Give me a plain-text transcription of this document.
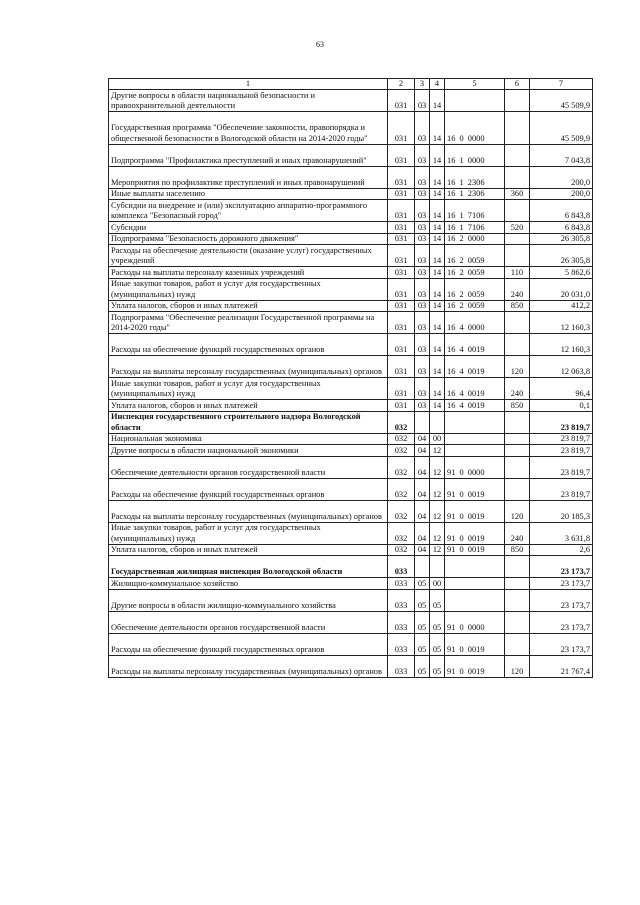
63
1	2	3	4	5	6	7
Другие вопросы в области национальной безопасности и правоохранительной деятельности	031	03	14			45 509,9
Государственная программа "Обеспечение законности, правопорядка и общественной безопасности в Вологодской области на 2014-2020 годы"	031	03	14	16 0 0000		45 509,9
Подпрограмма "Профилактика преступлений и иных правонарушений"	031	03	14	16 1 0000		7 043,8
Мероприятия по профилактике преступлений и иных правонарушений	031	03	14	16 1 2306		200,0
Иные выплаты населению	031	03	14	16 1 2306	360	200,0
Субсидии на внедрение и (или) эксплуатацию аппаратно-программного комплекса "Безопасный город"	031	03	14	16 1 7106		6 843,8
Субсидии	031	03	14	16 1 7106	520	6 843,8
Подпрограмма "Безопасность дорожного движения"	031	03	14	16 2 0000		26 305,8
Расходы на обеспечение деятельности (оказание услуг) государственных учреждений	031	03	14	16 2 0059		26 305,8
Расходы на выплаты персоналу казенных учреждений	031	03	14	16 2 0059	110	5 862,6
Иные закупки товаров, работ и услуг для государственных (муниципальных) нужд	031	03	14	16 2 0059	240	20 031,0
Уплата налогов, сборов и иных платежей	031	03	14	16 2 0059	850	412,2
Подпрограмма "Обеспечение реализации Государственной программы на 2014-2020 годы"	031	03	14	16 4 0000		12 160,3
Расходы на обеспечение функций государственных органов	031	03	14	16 4 0019		12 160,3
Расходы на выплаты персоналу государственных (муниципальных) органов	031	03	14	16 4 0019	120	12 063,8
Иные закупки товаров, работ и услуг для государственных (муниципальных) нужд	031	03	14	16 4 0019	240	96,4
Уплата налогов, сборов и иных платежей	031	03	14	16 4 0019	850	0,1
Инспекция государственного строительного надзора Вологодской области	032					23 819,7
Национальная экономика	032	04	00			23 819,7
Другие вопросы в области национальной экономики	032	04	12			23 819,7
Обеспечение деятельности органов государственной власти	032	04	12	91 0 0000		23 819,7
Расходы на обеспечение функций государственных органов	032	04	12	91 0 0019		23 819,7
Расходы на выплаты персоналу государственных (муниципальных) органов	032	04	12	91 0 0019	120	20 185,3
Иные закупки товаров, работ и услуг для государственных (муниципальных) нужд	032	04	12	91 0 0019	240	3 631,8
Уплата налогов, сборов и иных платежей	032	04	12	91 0 0019	850	2,6
Государственная жилищная инспекция Вологодской области	033					23 173,7
Жилищно-коммунальное хозяйство	033	05	00			23 173,7
Другие вопросы в области жилищно-коммунального хозяйства	033	05	05			23 173,7
Обеспечение деятельности органов государственной власти	033	05	05	91 0 0000		23 173,7
Расходы на обеспечение функций государственных органов	033	05	05	91 0 0019		23 173,7
Расходы на выплаты персоналу государственных (муниципальных) органов	033	05	05	91 0 0019	120	21 767,4
